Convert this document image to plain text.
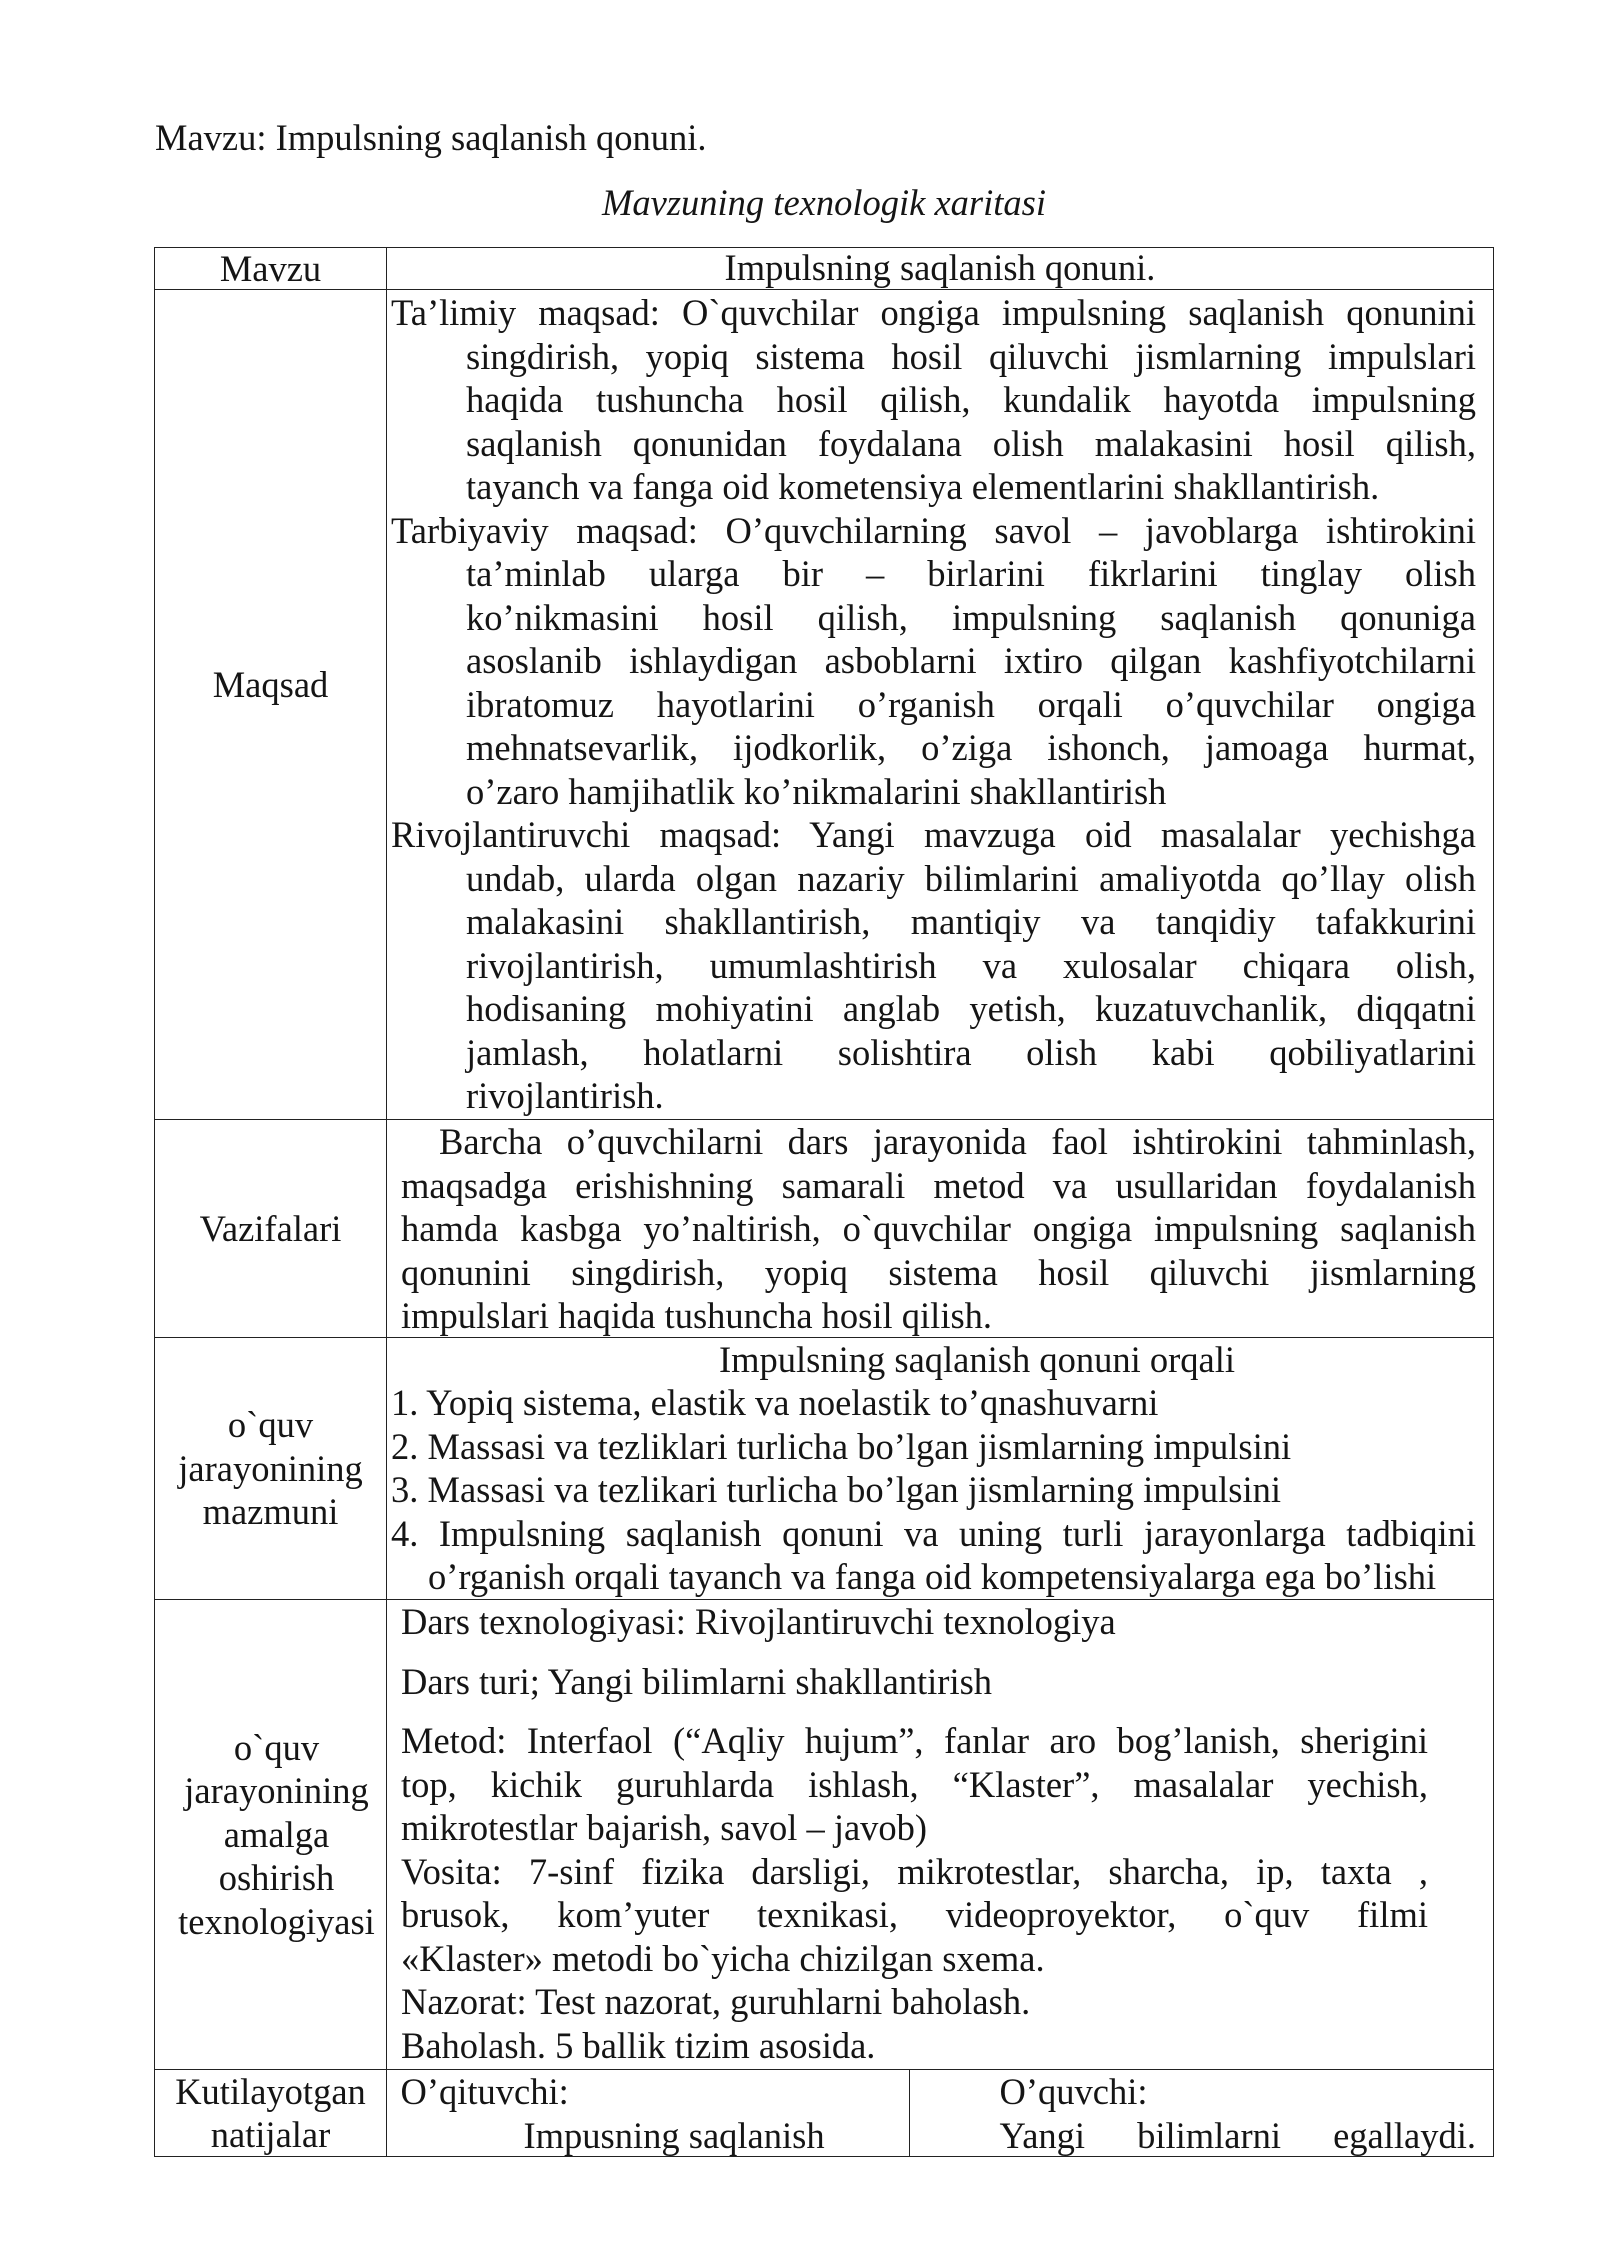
Mavzu: Impulsning saqlanish qonuni.
Mavzuning texnologik xaritasi
Mavzu	Impulsning saqlanish qonuni.
Maqsad
Ta’limiy maqsad: O`quvchilar ongiga impulsning saqlanish qonunini
singdirish, yopiq sistema hosil qiluvchi jismlarning impulslari
haqida tushuncha hosil qilish, kundalik hayotda impulsning
saqlanish qonunidan foydalana olish malakasini hosil qilish,
tayanch va fanga oid kometensiya elementlarini shakllantirish.
Tarbiyaviy maqsad: O’quvchilarning savol – javoblarga ishtirokini
ta’minlab ularga bir – birlarini fikrlarini tinglay olish
ko’nikmasini hosil qilish, impulsning saqlanish qonuniga
asoslanib ishlaydigan asboblarni ixtiro qilgan kashfiyotchilarni
ibratomuz hayotlarini o’rganish orqali o’quvchilar ongiga
mehnatsevarlik, ijodkorlik, o’ziga ishonch, jamoaga hurmat,
o’zaro hamjihatlik ko’nikmalarini shakllantirish
Rivojlantiruvchi maqsad: Yangi mavzuga oid masalalar yechishga
undab, ularda olgan nazariy bilimlarini amaliyotda qo’llay olish
malakasini shakllantirish, mantiqiy va tanqidiy tafakkurini
rivojlantirish, umumlashtirish va xulosalar chiqara olish,
hodisaning mohiyatini anglab yetish, kuzatuvchanlik, diqqatni
jamlash, holatlarni solishtira olish kabi qobiliyatlarini
rivojlantirish.
Vazifalari
Barcha o’quvchilarni dars jarayonida faol ishtirokini tahminlash,
maqsadga erishishning samarali metod va usullaridan foydalanish
hamda kasbga yo’naltirish, o`quvchilar ongiga impulsning saqlanish
qonunini singdirish, yopiq sistema hosil qiluvchi jismlarning
impulslari haqida tushuncha hosil qilish.
o`quv
jarayonining
mazmuni
Impulsning saqlanish qonuni orqali
1. Yopiq sistema, elastik va noelastik to’qnashuvarni
2. Massasi va tezliklari turlicha bo’lgan jismlarning impulsini
3. Massasi va tezlikari turlicha bo’lgan jismlarning impulsini
4. Impulsning saqlanish qonuni va uning turli jarayonlarga tadbiqini
o’rganish orqali tayanch va fanga oid kompetensiyalarga ega bo’lishi
o`quv
jarayonining
amalga
oshirish
texnologiyasi
Dars texnologiyasi: Rivojlantiruvchi texnologiya
Dars turi; Yangi bilimlarni shakllantirish
Metod: Interfaol (“Aqliy hujum”, fanlar aro bog’lanish, sherigini
top, kichik guruhlarda ishlash, “Klaster”, masalalar yechish,
mikrotestlar bajarish, savol – javob)
Vosita: 7-sinf fizika darsligi, mikrotestlar, sharcha, ip, taxta ,
brusok, kom’yuter texnikasi, videoproyektor, o`quv filmi
«Klaster» metodi bo`yicha chizilgan sxema.
Nazorat: Test nazorat, guruhlarni baholash.
Baholash. 5 ballik tizim asosida.
Kutilayotgan
natijalar
O’qituvchi:
Impusning saqlanish
O’quvchi:
Yangi bilimlarni egallaydi.
